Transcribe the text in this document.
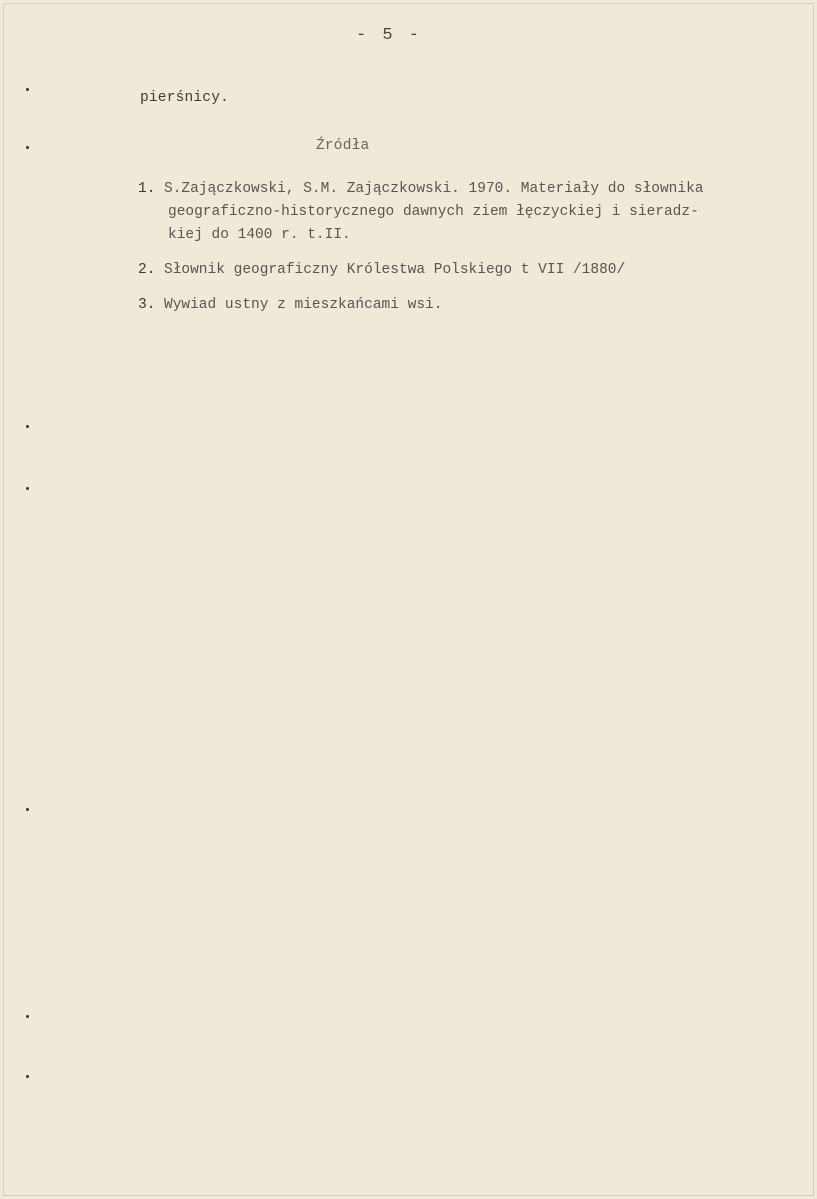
- 5 -
pierśnicy.
Źródła
1. S.Zajączkowski, S.M. Zajączkowski. 1970. Materiały do słownika
geograficzno-historycznego dawnych ziem łęczyckiej i sieradz-
kiej do 1400 r. t.II.
2. Słownik geograficzny Królestwa Polskiego t VII /1880/
3. Wywiad ustny z mieszkańcami wsi.
